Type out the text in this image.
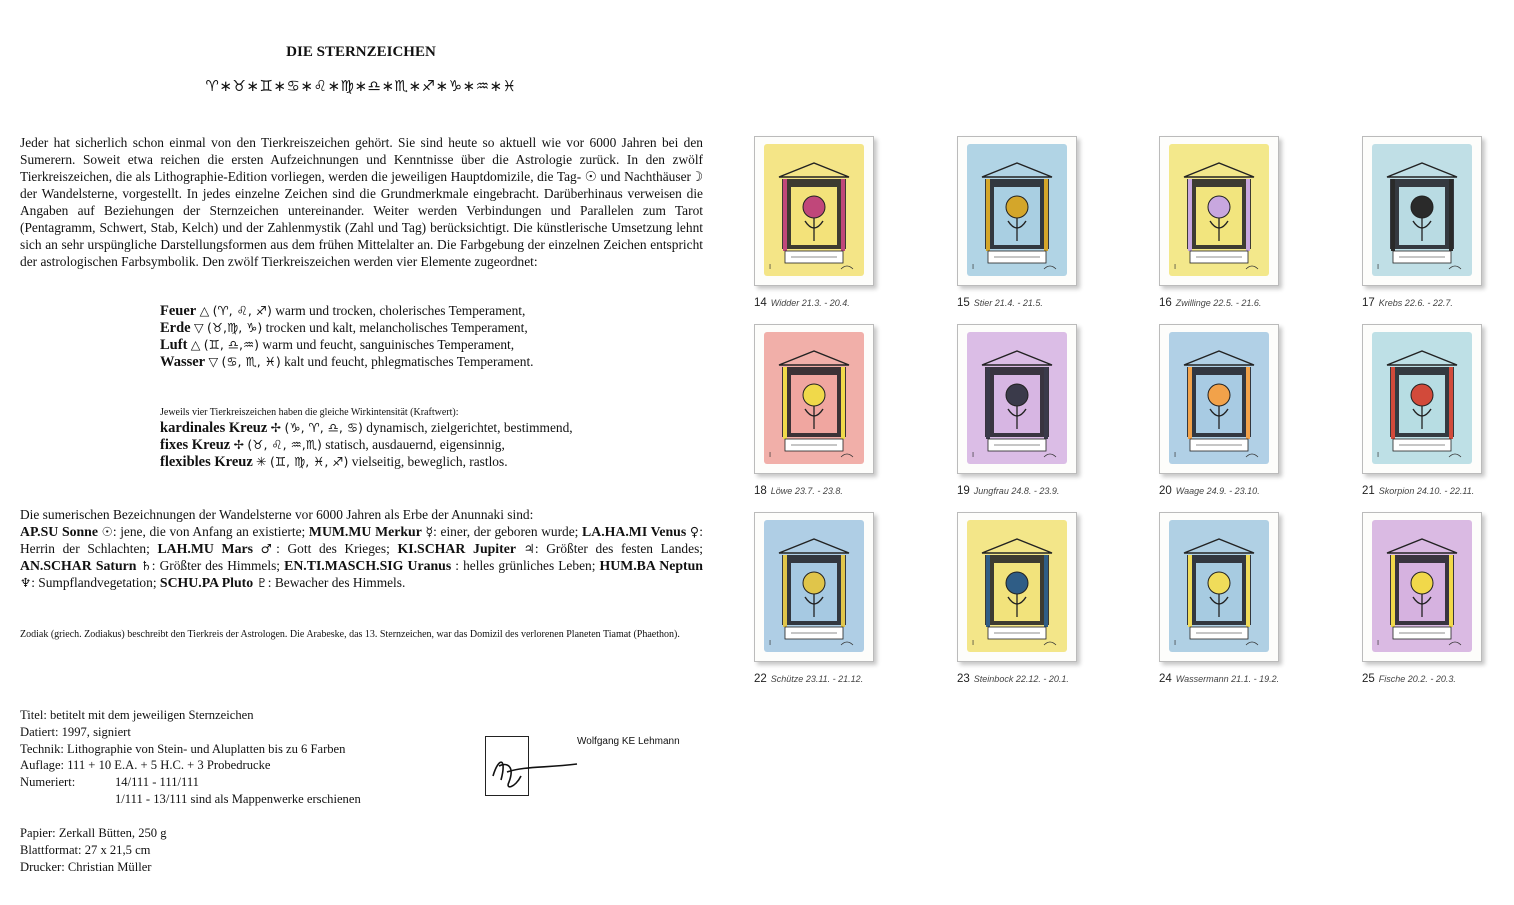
DIE STERNZEICHEN
♈∗♉∗♊∗♋∗♌∗♍∗♎∗♏∗♐∗♑∗♒∗♓

Jeder hat sicherlich schon einmal von den Tierkreiszeichen gehört. Sie sind heute so aktuell wie vor 6000 Jahren bei den Sumerern. Soweit etwa reichen die ersten Aufzeichnungen und Kenntnisse über die Astrologie zurück. In den zwölf Tierkreiszeichen, die als Lithographie-Edition vorliegen, werden die jeweiligen Hauptdomizile, die Tag- ☉ und Nachthäuser☽ der Wandelsterne, vorgestellt. In jedes einzelne Zeichen sind die Grundmerkmale eingebracht. Darüberhinaus verweisen die Angaben auf Beziehungen der Sternzeichen untereinander. Weiter werden Verbindungen und Parallelen zum Tarot (Pentagramm, Schwert, Stab, Kelch) und der Zahlenmystik (Zahl und Tag) berücksichtigt. Die künstlerische Umsetzung lehnt sich an sehr urspüngliche Darstellungsformen aus dem frühen Mittelalter an. Die Farbgebung der einzelnen Zeichen entspricht der astrologischen Farbsymbolik. Den zwölf Tierkreiszeichen werden vier Elemente zugeordnet:

Feuer △ (♈, ♌, ♐) warm und trocken, cholerisches Temperament,
Erde ▽ (♉,♍, ♑) trocken und kalt, melancholisches Temperament,
Luft △ (♊, ♎,♒) warm und feucht, sanguinisches Temperament,
Wasser ▽ (♋, ♏, ♓) kalt und feucht, phlegmatisches Temperament.
Jeweils vier Tierkreiszeichen haben die gleiche Wirkintensität (Kraftwert):
kardinales Kreuz ✢ (♑, ♈, ♎, ♋) dynamisch, zielgerichtet, bestimmend,
fixes Kreuz ✢ (♉, ♌, ♒,♏) statisch, ausdauernd, eigensinnig,
flexibles Kreuz ✳ (♊, ♍, ♓, ♐) vielseitig, beweglich, rastlos.
Die sumerischen Bezeichnungen der Wandelsterne vor 6000 Jahren als Erbe der Anunnaki sind:

AP.SU Sonne ☉: jene, die von Anfang an existierte; MUM.MU Merkur ☿: einer, der geboren wurde; LA.HA.MI Venus ♀: Herrin der Schlachten; LAH.MU Mars ♂: Gott des Krieges; KI.SCHAR Jupiter ♃: Größter des festen Landes; AN.SCHAR Saturn ♄: Größter des Himmels; EN.TI.MASCH.SIG Uranus : helles grünliches Leben; HUM.BA Neptun ♆: Sumpflandvegetation; SCHU.PA Pluto ♇: Bewacher des Himmels.

Zodiak (griech. Zodiakus) beschreibt den Tierkreis der Astrologen. Die Arabeske, das 13. Sternzeichen, war das Domizil des verlorenen Planeten Tiamat (Phaethon).

Titel: betitelt mit dem jeweiligen Sternzeichen
Datiert: 1997, signiert
Technik: Lithographie von Stein- und Aluplatten bis zu 6 Farben
Auflage: 111 + 10 E.A. + 5 H.C. + 3 Probedrucke
Numeriert:	14/111 - 111/111
1/111 - 13/111 sind als Mappenwerke erschienen
Papier: Zerkall Bütten, 250 g
Blattformat: 27 x 21,5 cm
Drucker: Christian Müller
Wolfgang KE Lehmann
I
14 Widder 21.3. - 20.4.
I
15 Stier 21.4. - 21.5.
I
16 Zwillinge 22.5. - 21.6.
I
17 Krebs 22.6. - 22.7.
I
18 Löwe 23.7. - 23.8.
I
19 Jungfrau 24.8. - 23.9.
I
20 Waage 24.9. - 23.10.
I
21 Skorpion 24.10. - 22.11.
I
22 Schütze 23.11. - 21.12.
I
23 Steinbock 22.12. - 20.1.
I
24 Wassermann 21.1. - 19.2.
I
25 Fische 20.2. - 20.3.
